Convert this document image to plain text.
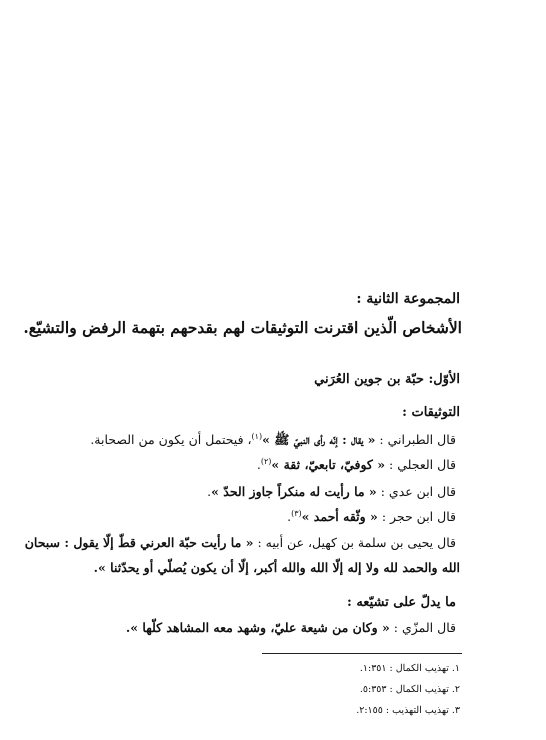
المجموعة الثانية :
الأشخاص الّذين اقترنت التوثيقات لهم بقدحهم بتهمة الرفض والتشيّع.
الأوّل: حبّة بن جوين العُرَني
التوثيقات :
قال الطبراني : « يقال : إنّه رأى النبيّ ﷺ »$^{(١)}$، فيحتمل أن يكون من الصحابة.
قال العجلي : « كوفيّ، تابعيّ، ثقة »$^{(٢)}$.
قال ابن عدي : « ما رأيت له منكراً جاوز الحدّ ».
قال ابن حجر : « وثّقه أحمد »$^{(٣)}$.
قال يحيى بن سلمة بن كهيل، عن أبيه : « ما رأيت حبّة العرني قطّ إلّا يقول : سبحان
الله والحمد لله ولا إله إلّا الله والله أكبر، إلّا أن يكون يُصلّي أو يحدّثنا ».
ما يدلّ على تشيّعه :
قال المزّي : « وكان من شيعة عليّ، وشهد معه المشاهد كلّها ».
١. تهذيب الكمال : ١:٣٥١.
٢. تهذيب الكمال : ٥:٣٥٣.
٣. تهذيب التهذيب : ٢:١٥٥.
